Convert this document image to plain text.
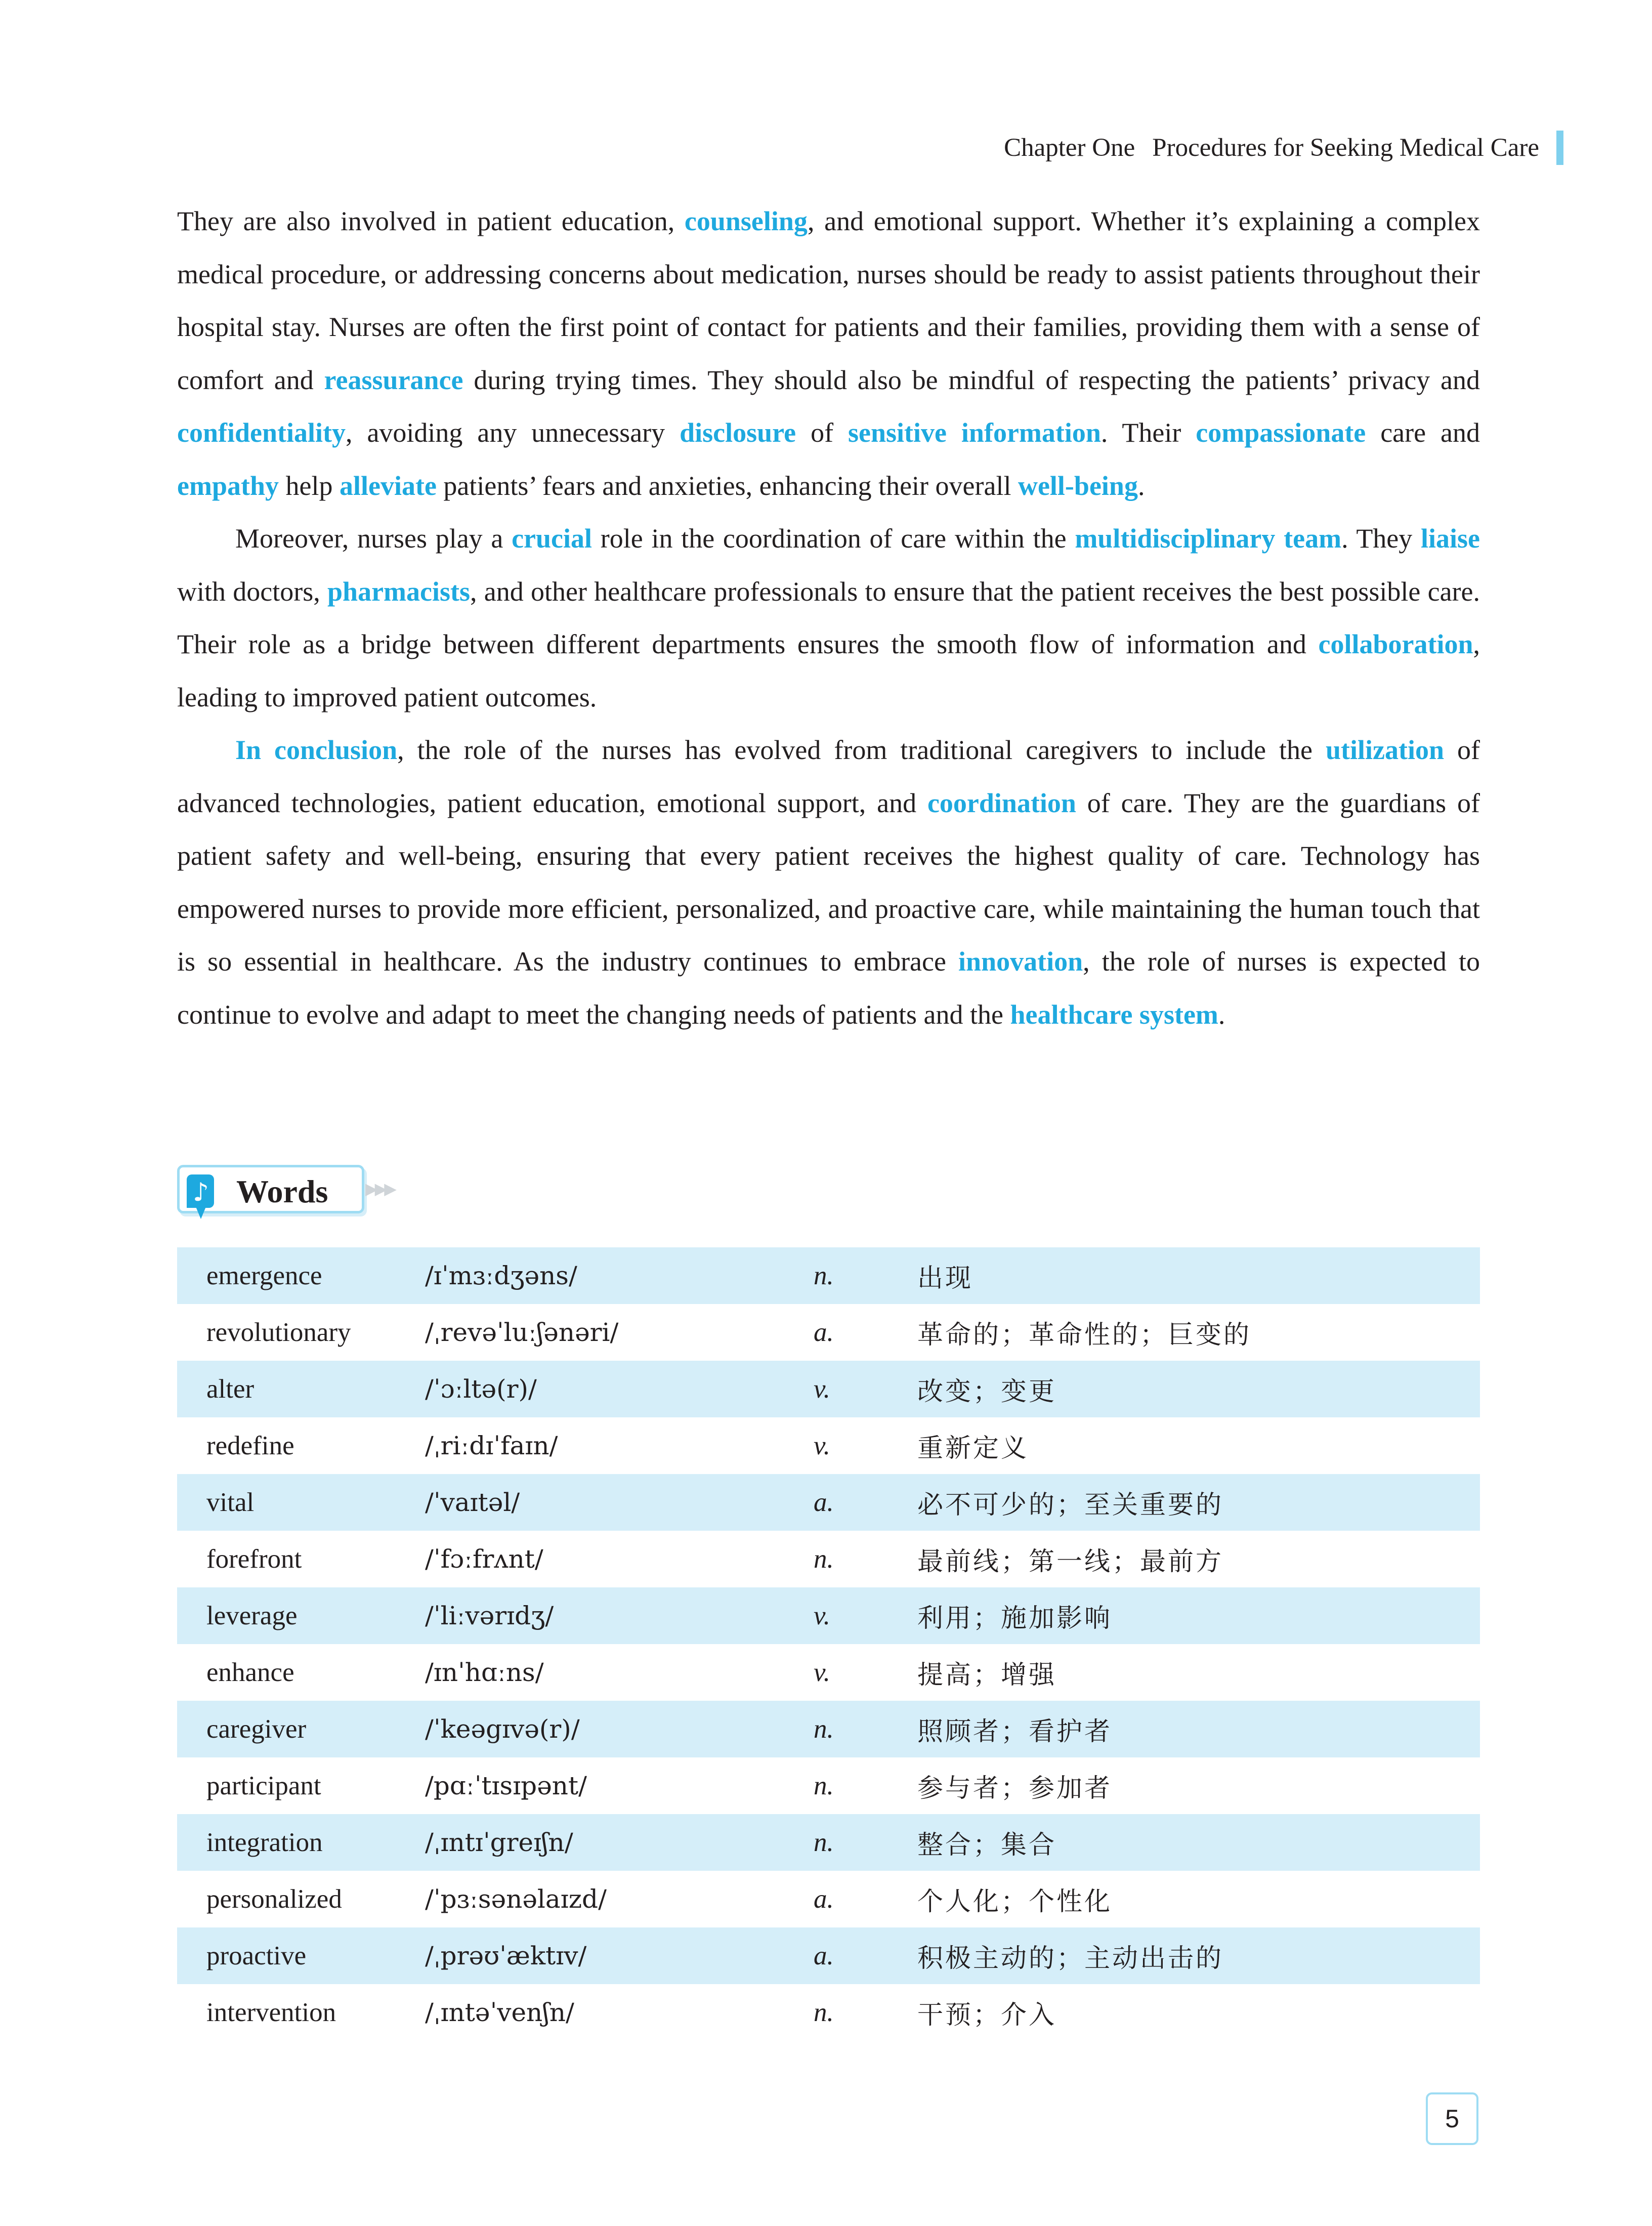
Chapter One Procedures for Seeking Medical Care

They are also involved in patient education, counseling, and emotional support. Whether it’s explaining a complex medical procedure, or addressing concerns about medication, nurses should be ready to assist patients throughout their hospital stay. Nurses are often the first point of contact for patients and their families, providing them with a sense of comfort and reassurance during trying times. They should also be mindful of respecting the patients’ privacy and confidentiality, avoiding any unnecessary disclosure of sensitive information. Their compassionate care and empathy help alleviate patients’ fears and anxieties, enhancing their overall well-being.

Moreover, nurses play a crucial role in the coordination of care within the multidisciplinary team. They liaise with doctors, pharmacists, and other healthcare professionals to ensure that the patient receives the best possible care. Their role as a bridge between different departments ensures the smooth flow of information and collaboration, leading to improved patient outcomes.

In conclusion, the role of the nurses has evolved from traditional caregivers to include the utilization of advanced technologies, patient education, emotional support, and coordination of care. They are the guardians of patient safety and well-being, ensuring that every patient receives the highest quality of care. Technology has empowered nurses to provide more efficient, personalized, and proactive care, while maintaining the human touch that is so essential in healthcare. As the industry continues to embrace innovation, the role of nurses is expected to continue to evolve and adapt to meet the changing needs of patients and the healthcare system.

♪ Words ▶▶▶
emergence	/ɪˈmɜːdʒəns/	n.	出现
revolutionary	/ˌrevəˈluːʃənəri/	a.	革命的；革命性的；巨变的
alter	/ˈɔːltə(r)/	v.	改变；变更
redefine	/ˌriːdɪˈfaɪn/	v.	重新定义
vital	/ˈvaɪtəl/	a.	必不可少的；至关重要的
forefront	/ˈfɔːfrʌnt/	n.	最前线；第一线；最前方
leverage	/ˈliːvərɪdʒ/	v.	利用；施加影响
enhance	/ɪnˈhɑːns/	v.	提高；增强
caregiver	/ˈkeəgɪvə(r)/	n.	照顾者；看护者
participant	/pɑːˈtɪsɪpənt/	n.	参与者；参加者
integration	/ˌɪntɪˈgreɪʃn/	n.	整合；集合
personalized	/ˈpɜːsənəlaɪzd/	a.	个人化；个性化
proactive	/ˌprəʊˈæktɪv/	a.	积极主动的；主动出击的
intervention	/ˌɪntəˈvenʃn/	n.	干预；介入
5
